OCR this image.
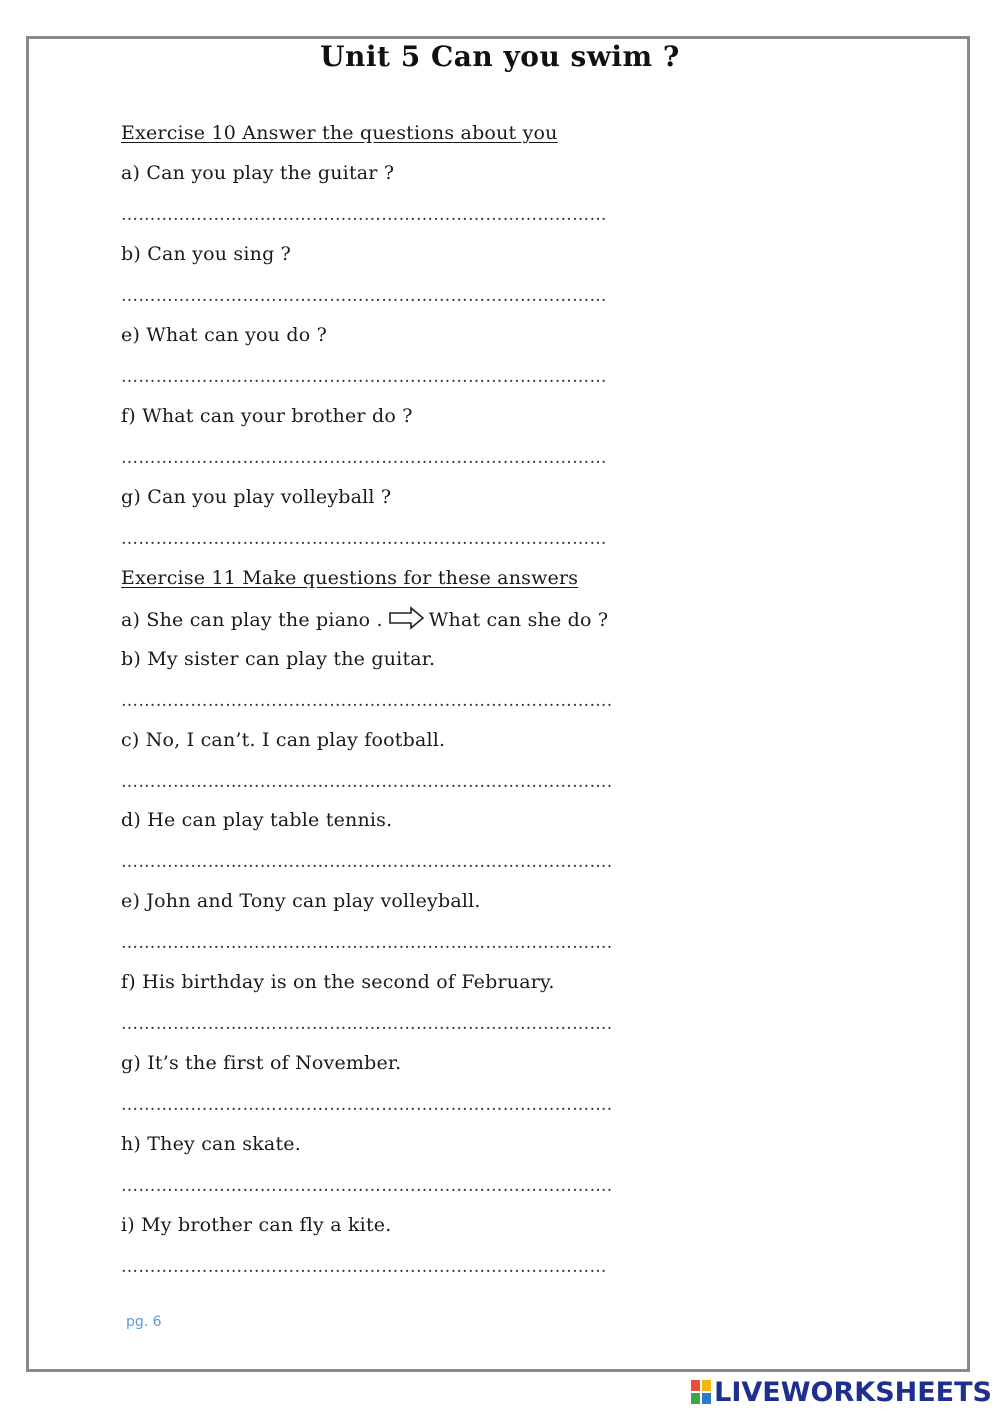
Unit 5 Can you swim ?
Exercise 10 Answer the questions about you
a) Can you play the guitar ?
…………………………………………………………………………
b) Can you sing ?
…………………………………………………………………………
e) What can you do ?
…………………………………………………………………………
f) What can your brother do ?
…………………………………………………………………………
g) Can you play volleyball ?
…………………………………………………………………………
Exercise 11 Make questions for these answers
a) She can play the piano . What can she do ?
b) My sister can play the guitar.
………………………………………………………………………….
c) No, I can’t. I can play football.
………………………………………………………………………….
d) He can play table tennis.
………………………………………………………………………….
e) John and Tony can play volleyball.
………………………………………………………………………….
f) His birthday is on the second of February.
………………………………………………………………………….
g) It’s the first of November.
………………………………………………………………………….
h) They can skate.
………………………………………………………………………….
i) My brother can fly a kite.
…………………………………………………………………………
pg. 6
LIVEWORKSHEETS
